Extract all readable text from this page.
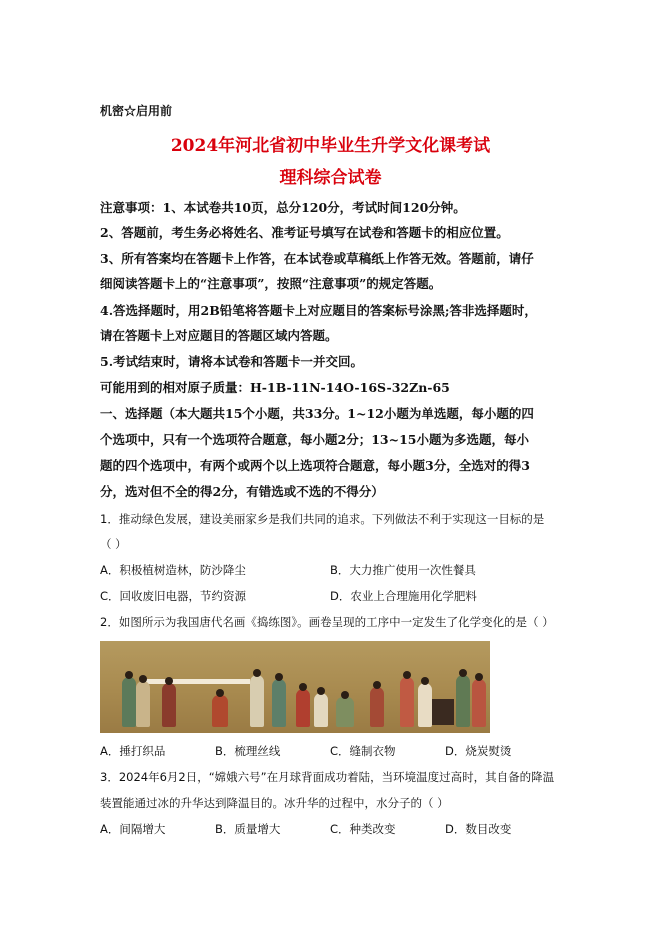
机密☆启用前
2024年河北省初中毕业生升学文化课考试
理科综合试卷
注意事项：1、本试卷共10页，总分120分，考试时间120分钟。
2、答题前，考生务必将姓名、准考证号填写在试卷和答题卡的相应位置。
3、所有答案均在答题卡上作答，在本试卷或草稿纸上作答无效。答题前，请仔
细阅读答题卡上的“注意事项”，按照“注意事项”的规定答题。
4.答选择题时，用2B铅笔将答题卡上对应题目的答案标号涂黑;答非选择题时，
请在答题卡上对应题目的答题区域内答题。
5.考试结束时，请将本试卷和答题卡一并交回。
可能用到的相对原子质量：H-1B-11N-14O-16S-32Zn-65
一、选择题（本大题共15个小题，共33分。1~12小题为单选题，每小题的四
个选项中，只有一个选项符合题意，每小题2分；13~15小题为多选题，每小
题的四个选项中，有两个或两个以上选项符合题意，每小题3分，全选对的得3
分，选对但不全的得2分，有错选或不选的不得分）
1．推动绿色发展，建设美丽家乡是我们共同的追求。下列做法不利于实现这一目标的是
（ ）
A．积极植树造林，防沙降尘	B．大力推广使用一次性餐具
C．回收废旧电器，节约资源	D．农业上合理施用化学肥料
2．如图所示为我国唐代名画《捣练图》。画卷呈现的工序中一定发生了化学变化的是（ ）
A．捶打织品	B．梳理丝线	C．缝制衣物	D．烧炭熨烫
3．2024年6月2日，“嫦娥六号”在月球背面成功着陆，当环境温度过高时，其自备的降温
装置能通过冰的升华达到降温目的。冰升华的过程中，水分子的（ ）
A．间隔增大	B．质量增大	C．种类改变	D．数目改变
